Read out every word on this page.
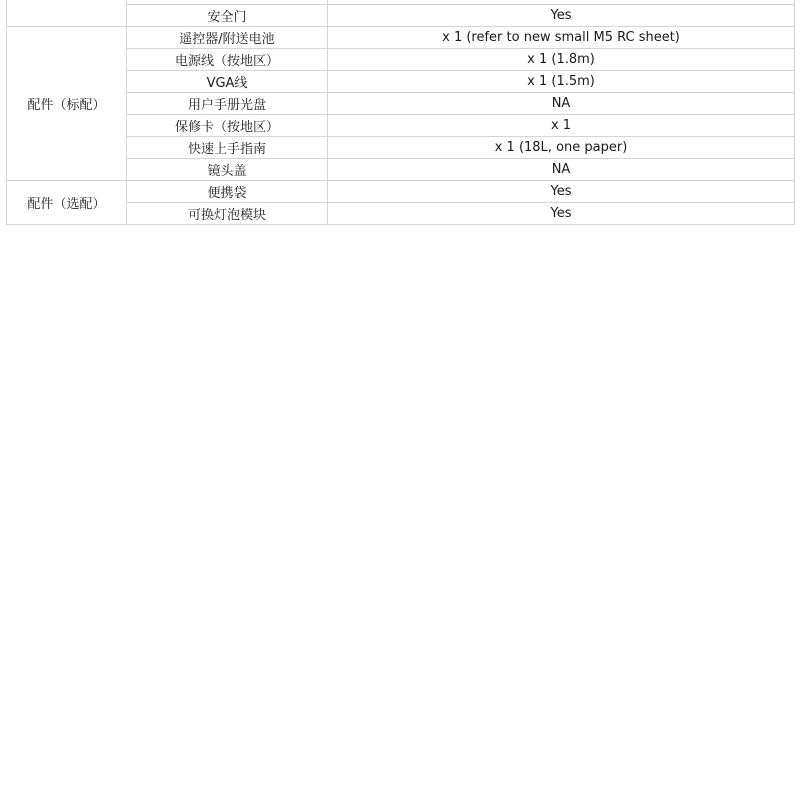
	安全门	Yes
配件（标配）	遥控器/附送电池	x 1 (refer to new small M5 RC sheet)
	电源线（按地区）	x 1 (1.8m)
	VGA线	x 1 (1.5m)
	用户手册光盘	NA
	保修卡（按地区）	x 1
	快速上手指南	x 1 (18L, one paper)
	镜头盖	NA
配件（选配）	便携袋	Yes
	可换灯泡模块	Yes
